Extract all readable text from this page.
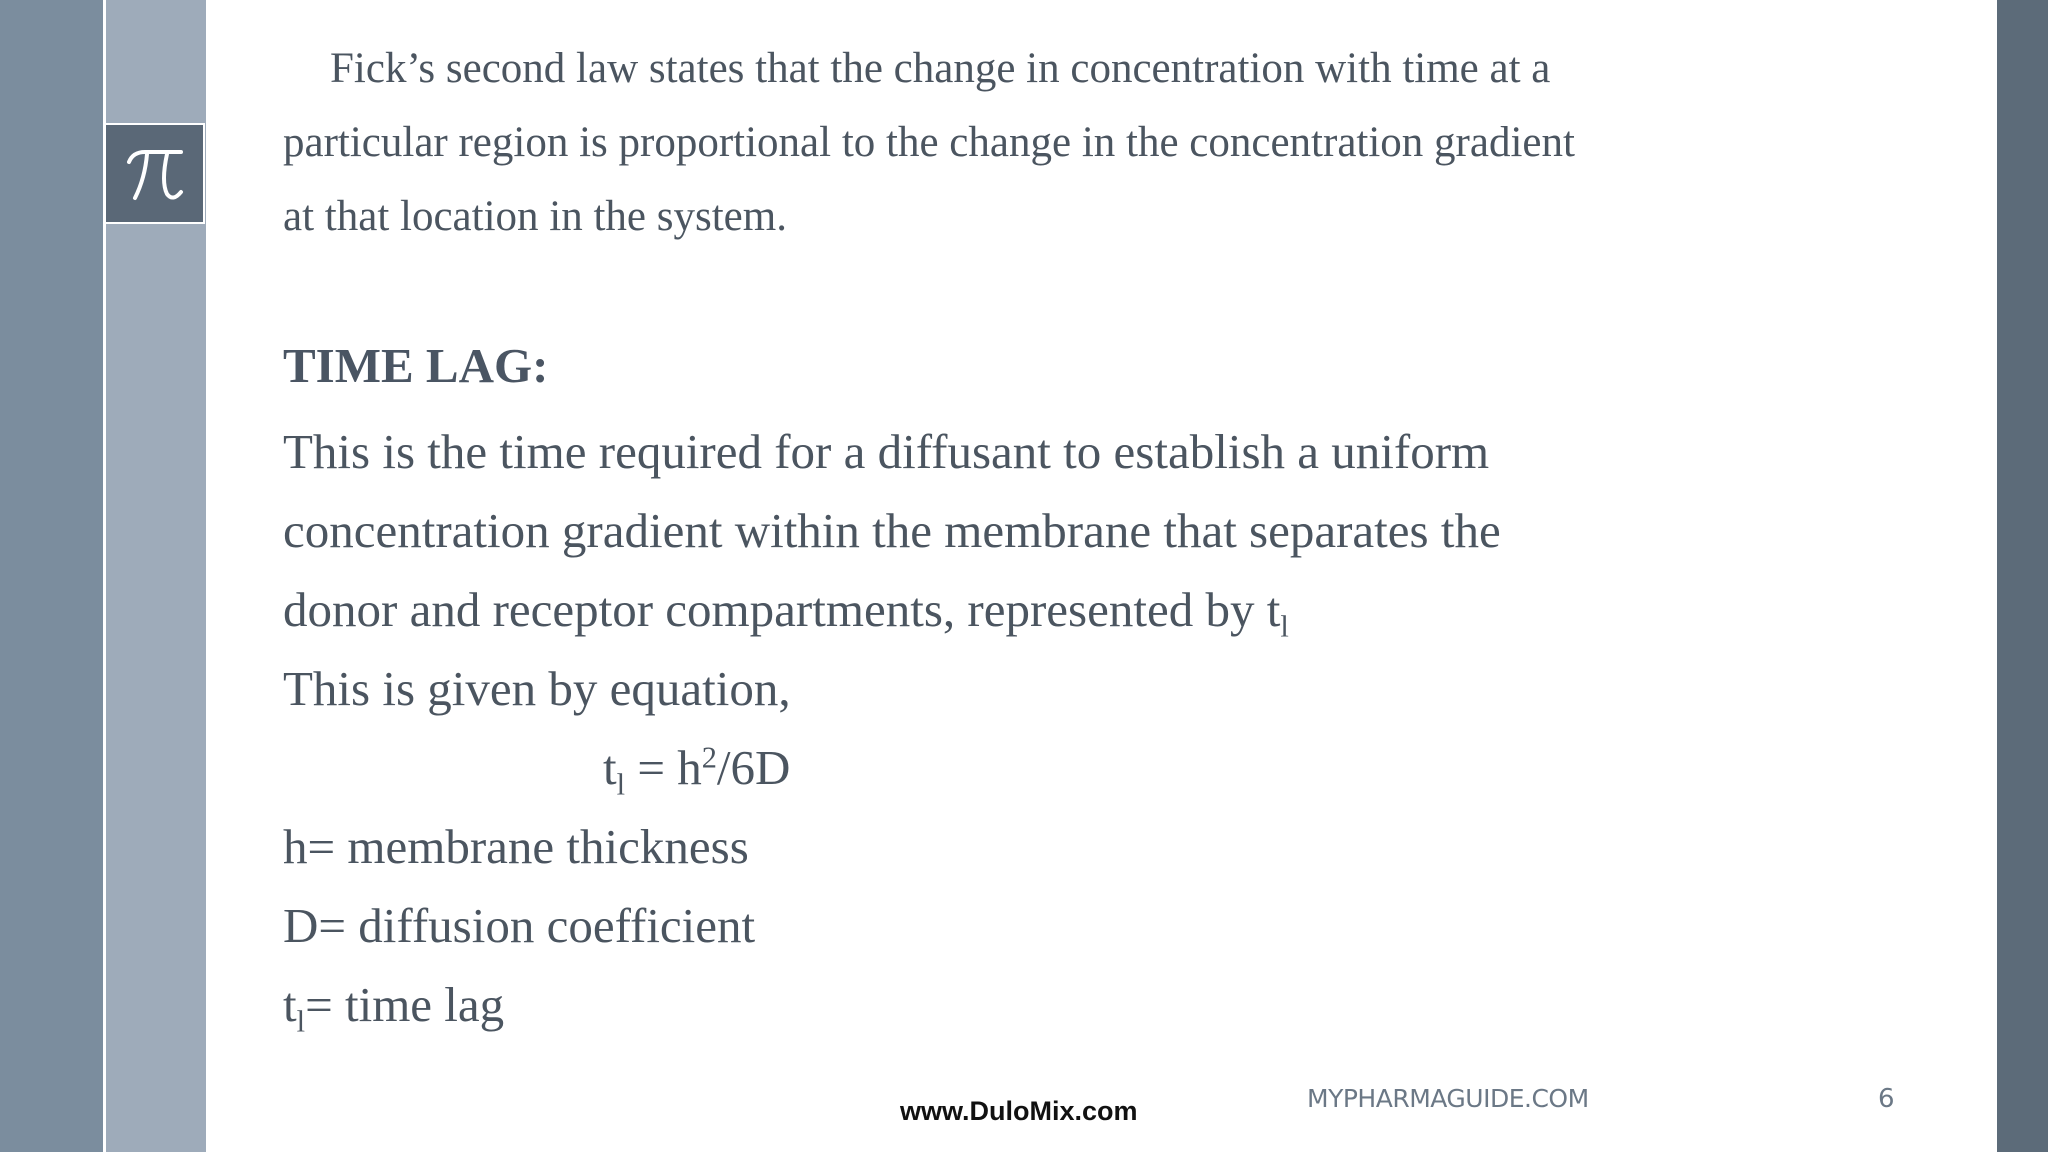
Fick’s second law states that the change in concentration with time at a particular region is proportional to the change in the concentration gradient at that location in the system.

TIME LAG:
This is the time required for a diffusant to establish a uniform
concentration gradient within the membrane that separates the
donor and receptor compartments, represented by $t_l$
This is given by equation,
$t_l = h^2/6D$
h= membrane thickness
D= diffusion coefficient
$t_l=$ time lag
www.DuloMix.com	MYPHARMAGUIDE.COM	6
